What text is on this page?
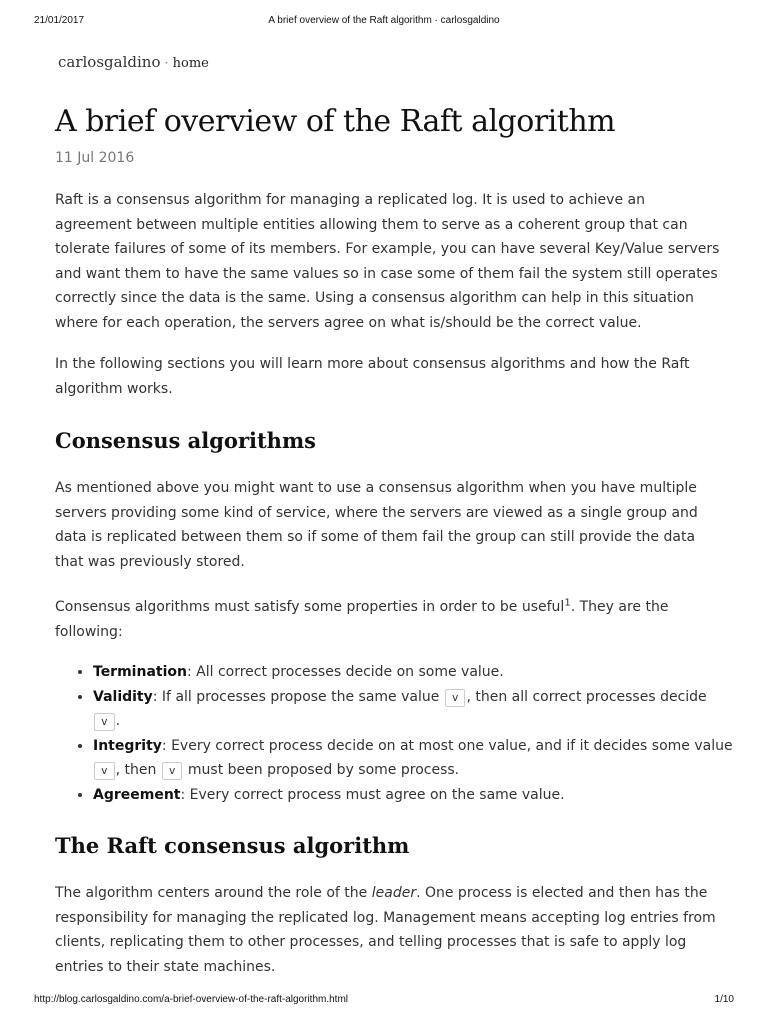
21/01/2017	A brief overview of the Raft algorithm · carlosgaldino
carlosgaldino · home
A brief overview of the Raft algorithm
11 Jul 2016

Raft is a consensus algorithm for managing a replicated log. It is used to achieve an agreement between multiple entities allowing them to serve as a coherent group that can tolerate failures of some of its members. For example, you can have several Key/Value servers and want them to have the same values so in case some of them fail the system still operates correctly since the data is the same. Using a consensus algorithm can help in this situation where for each operation, the servers agree on what is/should be the correct value.

In the following sections you will learn more about consensus algorithms and how the Raft algorithm works.

Consensus algorithms

As mentioned above you might want to use a consensus algorithm when you have multiple servers providing some kind of service, where the servers are viewed as a single group and data is replicated between them so if some of them fail the group can still provide the data that was previously stored.

Consensus algorithms must satisfy some properties in order to be useful$^1$. They are the following:

• Termination: All correct processes decide on some value.
• Validity: If all processes propose the same value v , then all correct processes decide v .
• Integrity: Every correct process decide on at most one value, and if it decides some value v , then v must been proposed by some process.
• Agreement: Every correct process must agree on the same value.
The Raft consensus algorithm

The algorithm centers around the role of the leader. One process is elected and then has the responsibility for managing the replicated log. Management means accepting log entries from clients, replicating them to other processes, and telling processes that is safe to apply log entries to their state machines.

http://blog.carlosgaldino.com/a-brief-overview-of-the-raft-algorithm.html	1/10
